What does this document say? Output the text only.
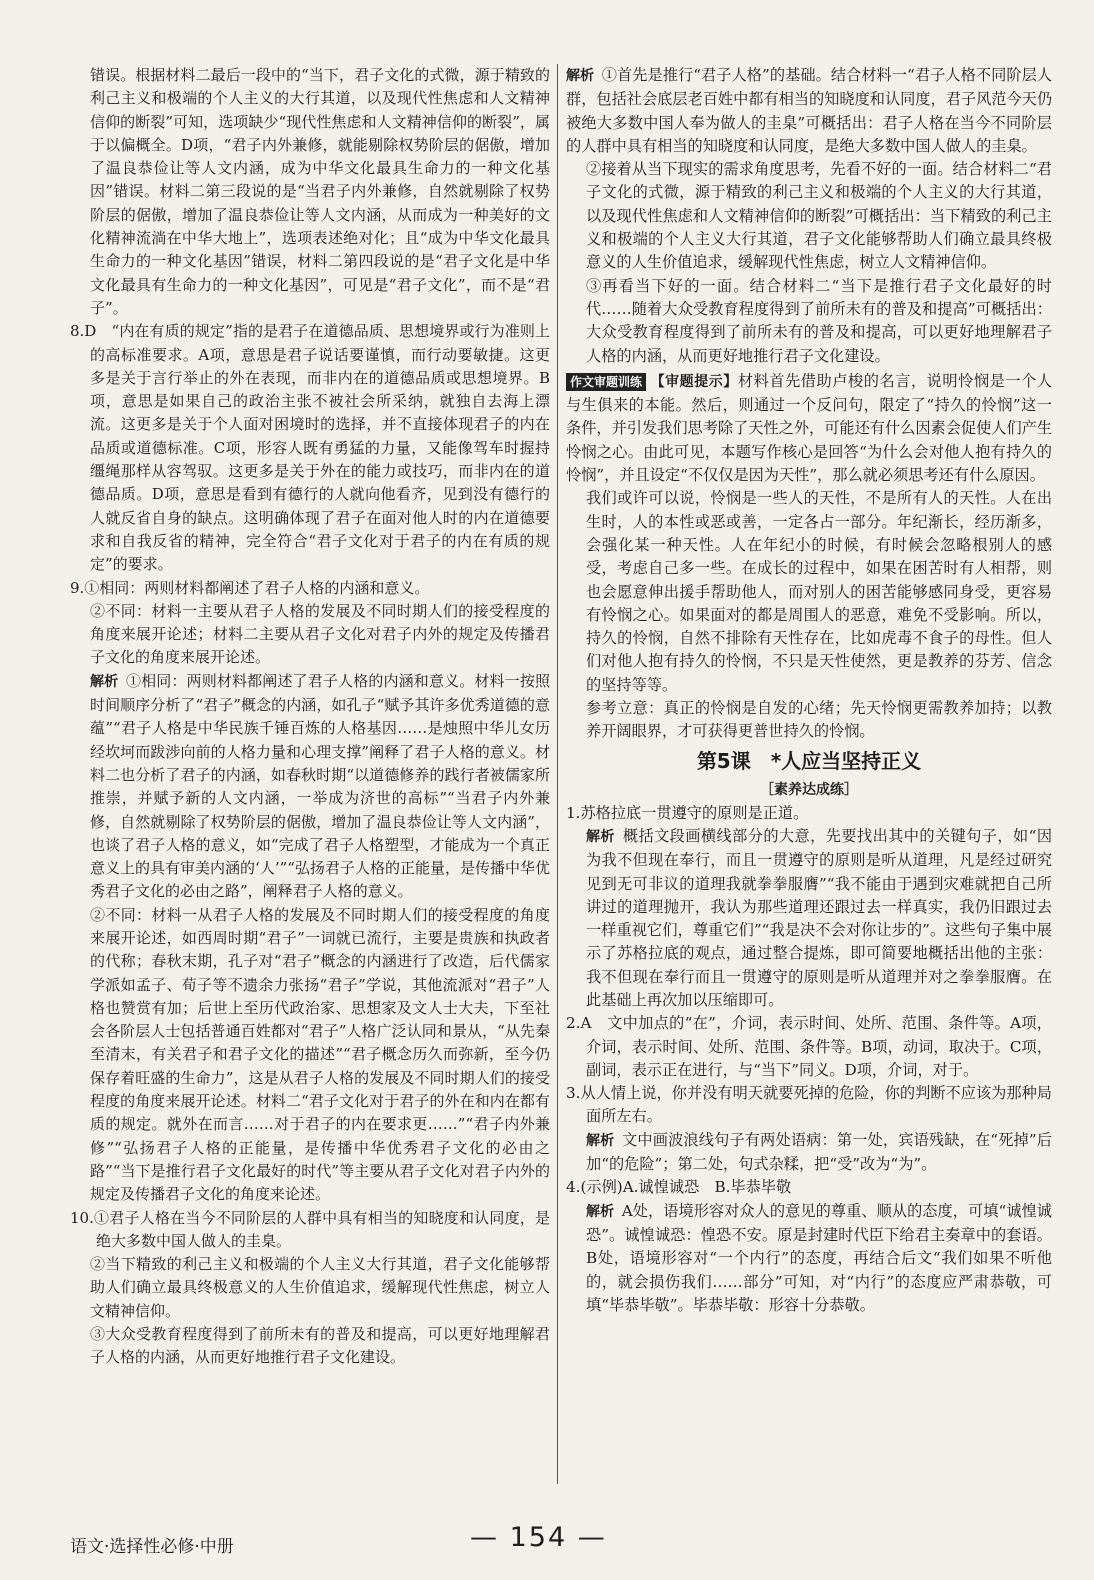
错误。根据材料二最后一段中的“当下，君子文化的式微，源于精致的利己主义和极端的个人主义的大行其道，以及现代性焦虑和人文精神信仰的断裂”可知，选项缺少“现代性焦虑和人文精神信仰的断裂”，属于以偏概全。D项，“君子内外兼修，就能剔除权势阶层的倨傲，增加了温良恭俭让等人文内涵，成为中华文化最具生命力的一种文化基因”错误。材料二第三段说的是“当君子内外兼修，自然就剔除了权势阶层的倨傲，增加了温良恭俭让等人文内涵，从而成为一种美好的文化精神流淌在中华大地上”，选项表述绝对化；且“成为中华文化最具生命力的一种文化基因”错误，材料二第四段说的是“君子文化是中华文化最具有生命力的一种文化基因”，可见是“君子文化”，而不是“君子”。

8.D　“内在有质的规定”指的是君子在道德品质、思想境界或行为准则上的高标准要求。A项，意思是君子说话要谨慎，而行动要敏捷。这更多是关于言行举止的外在表现，而非内在的道德品质或思想境界。B项，意思是如果自己的政治主张不被社会所采纳，就独自去海上漂流。这更多是关于个人面对困境时的选择，并不直接体现君子的内在品质或道德标准。C项，形容人既有勇猛的力量，又能像驾车时握持缰绳那样从容驾驭。这更多是关于外在的能力或技巧，而非内在的道德品质。D项，意思是看到有德行的人就向他看齐，见到没有德行的人就反省自身的缺点。这明确体现了君子在面对他人时的内在道德要求和自我反省的精神，完全符合“君子文化对于君子的内在有质的规定”的要求。

9.①相同：两则材料都阐述了君子人格的内涵和意义。

②不同：材料一主要从君子人格的发展及不同时期人们的接受程度的角度来展开论述；材料二主要从君子文化对君子内外的规定及传播君子文化的角度来展开论述。

解析  ①相同：两则材料都阐述了君子人格的内涵和意义。材料一按照时间顺序分析了“君子”概念的内涵，如孔子“赋予其许多优秀道德的意蕴”“君子人格是中华民族千锤百炼的人格基因……是烛照中华儿女历经坎坷而跋涉向前的人格力量和心理支撑”阐释了君子人格的意义。材料二也分析了君子的内涵，如春秋时期“以道德修养的践行者被儒家所推崇，并赋予新的人文内涵，一举成为济世的高标”“当君子内外兼修，自然就剔除了权势阶层的倨傲，增加了温良恭俭让等人文内涵”，也谈了君子人格的意义，如“完成了君子人格塑型，才能成为一个真正意义上的具有审美内涵的‘人’”“弘扬君子人格的正能量，是传播中华优秀君子文化的必由之路”，阐释君子人格的意义。

②不同：材料一从君子人格的发展及不同时期人们的接受程度的角度来展开论述，如西周时期“君子”一词就已流行，主要是贵族和执政者的代称；春秋末期，孔子对“君子”概念的内涵进行了改造，后代儒家学派如孟子、荀子等不遗余力张扬“君子”学说，其他流派对“君子”人格也赞赏有加；后世上至历代政治家、思想家及文人士大夫，下至社会各阶层人士包括普通百姓都对“君子”人格广泛认同和景从，“从先秦至清末，有关君子和君子文化的描述”“君子概念历久而弥新，至今仍保存着旺盛的生命力”，这是从君子人格的发展及不同时期人们的接受程度的角度来展开论述。材料二“君子文化对于君子的外在和内在都有质的规定。就外在而言……对于君子的内在要求更……”“君子内外兼修”“弘扬君子人格的正能量，是传播中华优秀君子文化的必由之路”“当下是推行君子文化最好的时代”等主要从君子文化对君子内外的规定及传播君子文化的角度来论述。

10.①君子人格在当今不同阶层的人群中具有相当的知晓度和认同度，是绝大多数中国人做人的圭臬。

②当下精致的利己主义和极端的个人主义大行其道，君子文化能够帮助人们确立最具终极意义的人生价值追求，缓解现代性焦虑，树立人文精神信仰。

③大众受教育程度得到了前所未有的普及和提高，可以更好地理解君子人格的内涵，从而更好地推行君子文化建设。

解析  ①首先是推行“君子人格”的基础。结合材料一“君子人格不同阶层人群，包括社会底层老百姓中都有相当的知晓度和认同度，君子风范今天仍被绝大多数中国人奉为做人的圭臬”可概括出：君子人格在当今不同阶层的人群中具有相当的知晓度和认同度，是绝大多数中国人做人的圭臬。

②接着从当下现实的需求角度思考，先看不好的一面。结合材料二“君子文化的式微，源于精致的利己主义和极端的个人主义的大行其道，以及现代性焦虑和人文精神信仰的断裂”可概括出：当下精致的利己主义和极端的个人主义大行其道，君子文化能够帮助人们确立最具终极意义的人生价值追求，缓解现代性焦虑，树立人文精神信仰。

③再看当下好的一面。结合材料二“当下是推行君子文化最好的时代……随着大众受教育程度得到了前所未有的普及和提高”可概括出：大众受教育程度得到了前所未有的普及和提高，可以更好地理解君子人格的内涵，从而更好地推行君子文化建设。

作文审题训练 【审题提示】材料首先借助卢梭的名言，说明怜悯是一个人与生俱来的本能。然后，则通过一个反问句，限定了“持久的怜悯”这一条件，并引发我们思考除了天性之外，可能还有什么因素会促使人们产生怜悯之心。由此可见，本题写作核心是回答“为什么会对他人抱有持久的怜悯”，并且设定“不仅仅是因为天性”，那么就必须思考还有什么原因。

我们或许可以说，怜悯是一些人的天性，不是所有人的天性。人在出生时，人的本性或恶或善，一定各占一部分。年纪渐长，经历渐多，会强化某一种天性。人在年纪小的时候，有时候会忽略根别人的感受，考虑自己多一些。在成长的过程中，如果在困苦时有人相帮，则也会愿意伸出援手帮助他人，而对别人的困苦能够感同身受，更容易有怜悯之心。如果面对的都是周围人的恶意，难免不受影响。所以，持久的怜悯，自然不排除有天性存在，比如虎毒不食子的母性。但人们对他人抱有持久的怜悯，不只是天性使然，更是教养的芬芳、信念的坚持等等。

参考立意：真正的怜悯是自发的心绪；先天怜悯更需教养加持；以教养开阔眼界，才可获得更普世持久的怜悯。

第5课　*人应当坚持正义
［素养达成练］

1.苏格拉底一贯遵守的原则是正道。

解析  概括文段画横线部分的大意，先要找出其中的关键句子，如“因为我不但现在奉行，而且一贯遵守的原则是听从道理，凡是经过研究见到无可非议的道理我就拳拳服膺”“我不能由于遇到灾难就把自己所讲过的道理抛开，我认为那些道理还跟过去一样真实，我仍旧跟过去一样重视它们，尊重它们”“我是决不会对你让步的”。这些句子集中展示了苏格拉底的观点，通过整合提炼，即可简要地概括出他的主张：我不但现在奉行而且一贯遵守的原则是听从道理并对之拳拳服膺。在此基础上再次加以压缩即可。

2.A　文中加点的“在”，介词，表示时间、处所、范围、条件等。A项，介词，表示时间、处所、范围、条件等。B项，动词，取决于。C项，副词，表示正在进行，与“当下”同义。D项，介词，对于。

3.从人情上说，你并没有明天就要死掉的危险，你的判断不应该为那种局面所左右。

解析  文中画波浪线句子有两处语病：第一处，宾语残缺，在“死掉”后加“的危险”；第二处，句式杂糅，把“受”改为“为”。

4.(示例)A.诚惶诚恐　B.毕恭毕敬

解析  A处，语境形容对众人的意见的尊重、顺从的态度，可填“诚惶诚恐”。诚惶诚恐：惶恐不安。原是封建时代臣下给君主奏章中的套语。B处，语境形容对“一个内行”的态度，再结合后文“我们如果不听他的，就会损伤我们……部分”可知，对“内行”的态度应严肃恭敬，可填“毕恭毕敬”。毕恭毕敬：形容十分恭敬。

语文·选择性必修·中册	— 154 —
